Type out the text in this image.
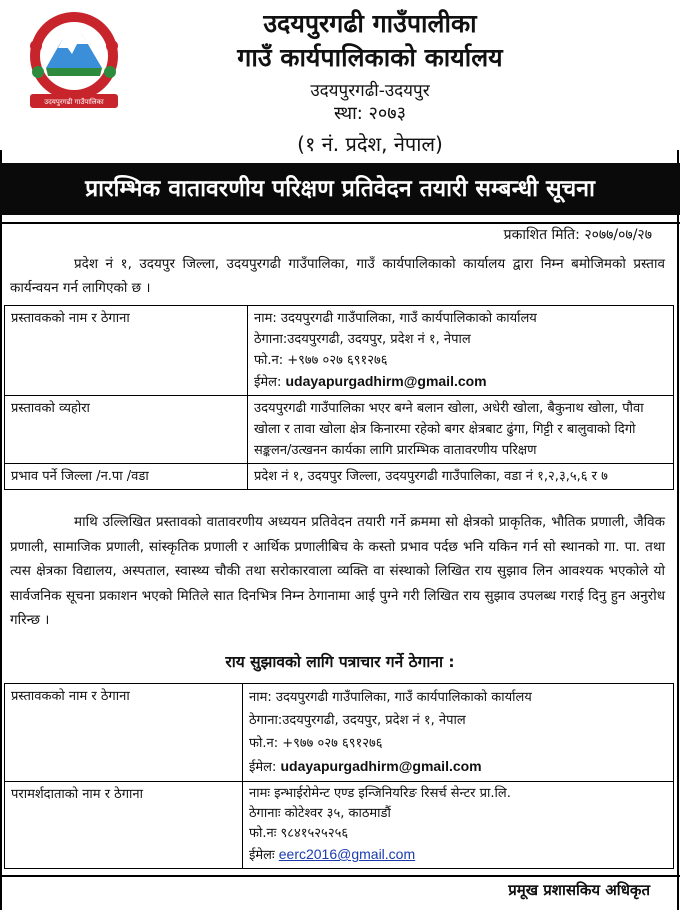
उदयपुरगढी गाउँपालिका
उदयपुरगढी गाउँपालीका
गाउँ कार्यपालिकाको कार्यालय
उदयपुरगढी-उदयपुर
स्था: २०७३
(१ नं. प्रदेश, नेपाल)
प्रारम्भिक वातावरणीय परिक्षण प्रतिवेदन तयारी सम्बन्धी सूचना
प्रकाशित मिति: २०७७/०७/२७
प्रदेश नं १, उदयपुर जिल्ला, उदयपुरगढी गाउँपालिका, गाउँ कार्यपालिकाको कार्यालय द्वारा निम्न बमोजिमको प्रस्ताव कार्यन्वयन गर्न लागिएको छ ।
प्रस्तावकको नाम र ठेगाना	नाम: उदयपुरगढी गाउँपालिका, गाउँ कार्यपालिकाको कार्यालय
ठेगाना:उदयपुरगढी, उदयपुर, प्रदेश नं १, नेपाल
फो.न: +९७७ ०२७ ६९१२७६
ईमेल: udayapurgadhirm@gmail.com

प्रस्तावको व्यहोरा	उदयपुरगढी गाउँपालिका भएर बग्ने बलान खोला, अधेरी खोला, बैकुनाथ खोला, पौवा खोला र तावा खोला क्षेत्र किनारमा रहेको बगर क्षेत्रबाट ढुंगा, गिट्टी र बालुवाको दिगो सङ्कलन/उत्खनन कार्यका लागि प्रारम्भिक वातावरणीय परिक्षण
प्रभाव पर्ने जिल्ला /न.पा /वडा	प्रदेश नं १, उदयपुर जिल्ला, उदयपुरगढी गाउँपालिका, वडा नं १,२,३,५,६ र ७
माथि उल्लिखित प्रस्तावको वातावरणीय अध्ययन प्रतिवेदन तयारी गर्ने क्रममा सो क्षेत्रको प्राकृतिक, भौतिक प्रणाली, जैविक प्रणाली, सामाजिक प्रणाली, सांस्कृतिक प्रणाली र आर्थिक प्रणालीबिच के कस्तो प्रभाव पर्दछ भनि यकिन गर्न सो स्थानको गा. पा. तथा त्यस क्षेत्रका विद्यालय, अस्पताल, स्वास्थ्य चौकी तथा सरोकारवाला व्यक्ति वा संस्थाको लिखित राय सुझाव लिन आवश्यक भएकोले यो सार्वजनिक सूचना प्रकाशन भएको मितिले सात दिनभित्र निम्न ठेगानामा आई पुग्ने गरी लिखित राय सुझाव उपलब्ध गराई दिनु हुन अनुरोध गरिन्छ ।
राय सुझावको लागि पत्राचार गर्ने ठेगाना :
प्रस्तावकको नाम र ठेगाना	नाम: उदयपुरगढी गाउँपालिका, गाउँ कार्यपालिकाको कार्यालय
ठेगाना:उदयपुरगढी, उदयपुर, प्रदेश नं १, नेपाल
फो.न: +९७७ ०२७ ६९१२७६
ईमेल: udayapurgadhirm@gmail.com

परामर्शदाताको नाम र ठेगाना	नामः इन्भाईरोमेन्ट एण्ड इन्जिनियरिङ रिसर्च सेन्टर प्रा.लि.
ठेगानाः कोटेश्वर ३५, काठमाडौं
फो.नः ९८४१५२५२५६
ईमेलः eerc2016@gmail.com
प्रमूख प्रशासकिय अधिकृत
